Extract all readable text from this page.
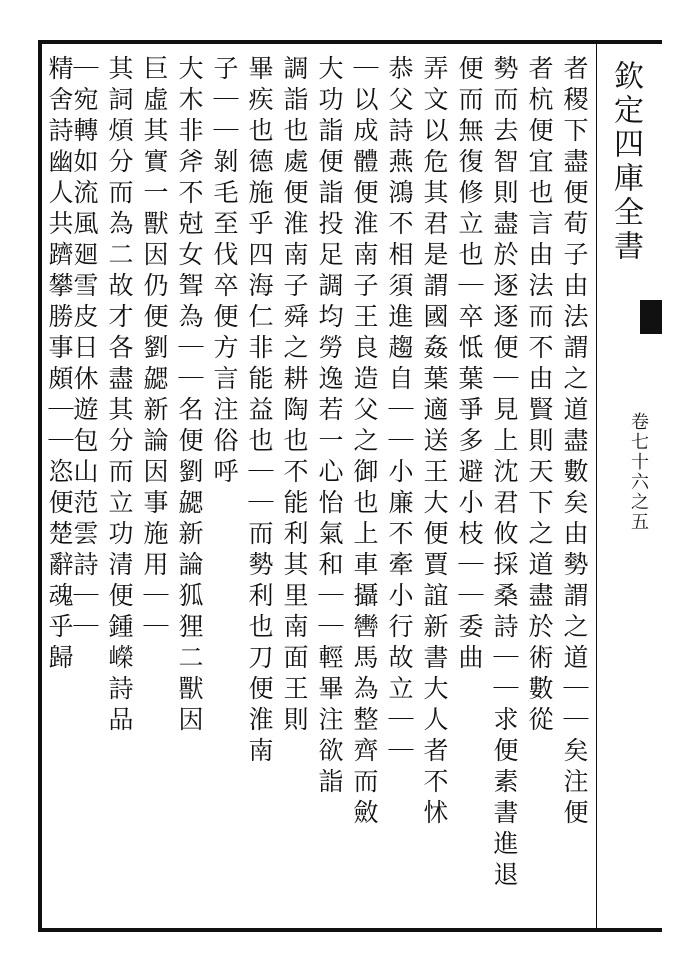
欽定四庫全書
卷七十六之五
者稷下盡便荀子由法謂之道盡數矣由勢謂之道｜｜矣注便
者杭便宜也言由法而不由賢則天下之道盡於術數從
勢而去智則盡於逐逐便｜見上沈君攸採桑詩｜｜求便素書進退
便而無復修立也｜卒怟葉爭多避小枝｜｜委曲
弄文以危其君是謂國姦葉適送王大便賈誼新書大人者不怵
恭父詩燕鴻不相須進趨自｜｜小廉不牽小行故立｜｜
｜以成體便淮南子王良造父之御也上車攝轡馬為整齊而斂
大功詣便詣投足調均勞逸若一心怡氣和｜｜輕畢注欲詣
調詣也處便淮南子舜之耕陶也不能利其里南面王則
畢疾也德施乎四海仁非能益也｜｜而勢利也刀便淮南
子｜｜剝毛至伐卒便方言注俗呼
大木非斧不尅女聟為｜｜名便劉勰新論狐狸二獸因
巨虛其實一獸因仍便劉勰新論因事施用｜｜
其詞煩分而為二故才各盡其分而立功清便鍾嶸詩品
｜宛轉如流風廻雪皮日休遊包山范雲詩｜｜
精舍詩幽人共躋攀勝事頗｜｜恣便楚辭魂乎歸
